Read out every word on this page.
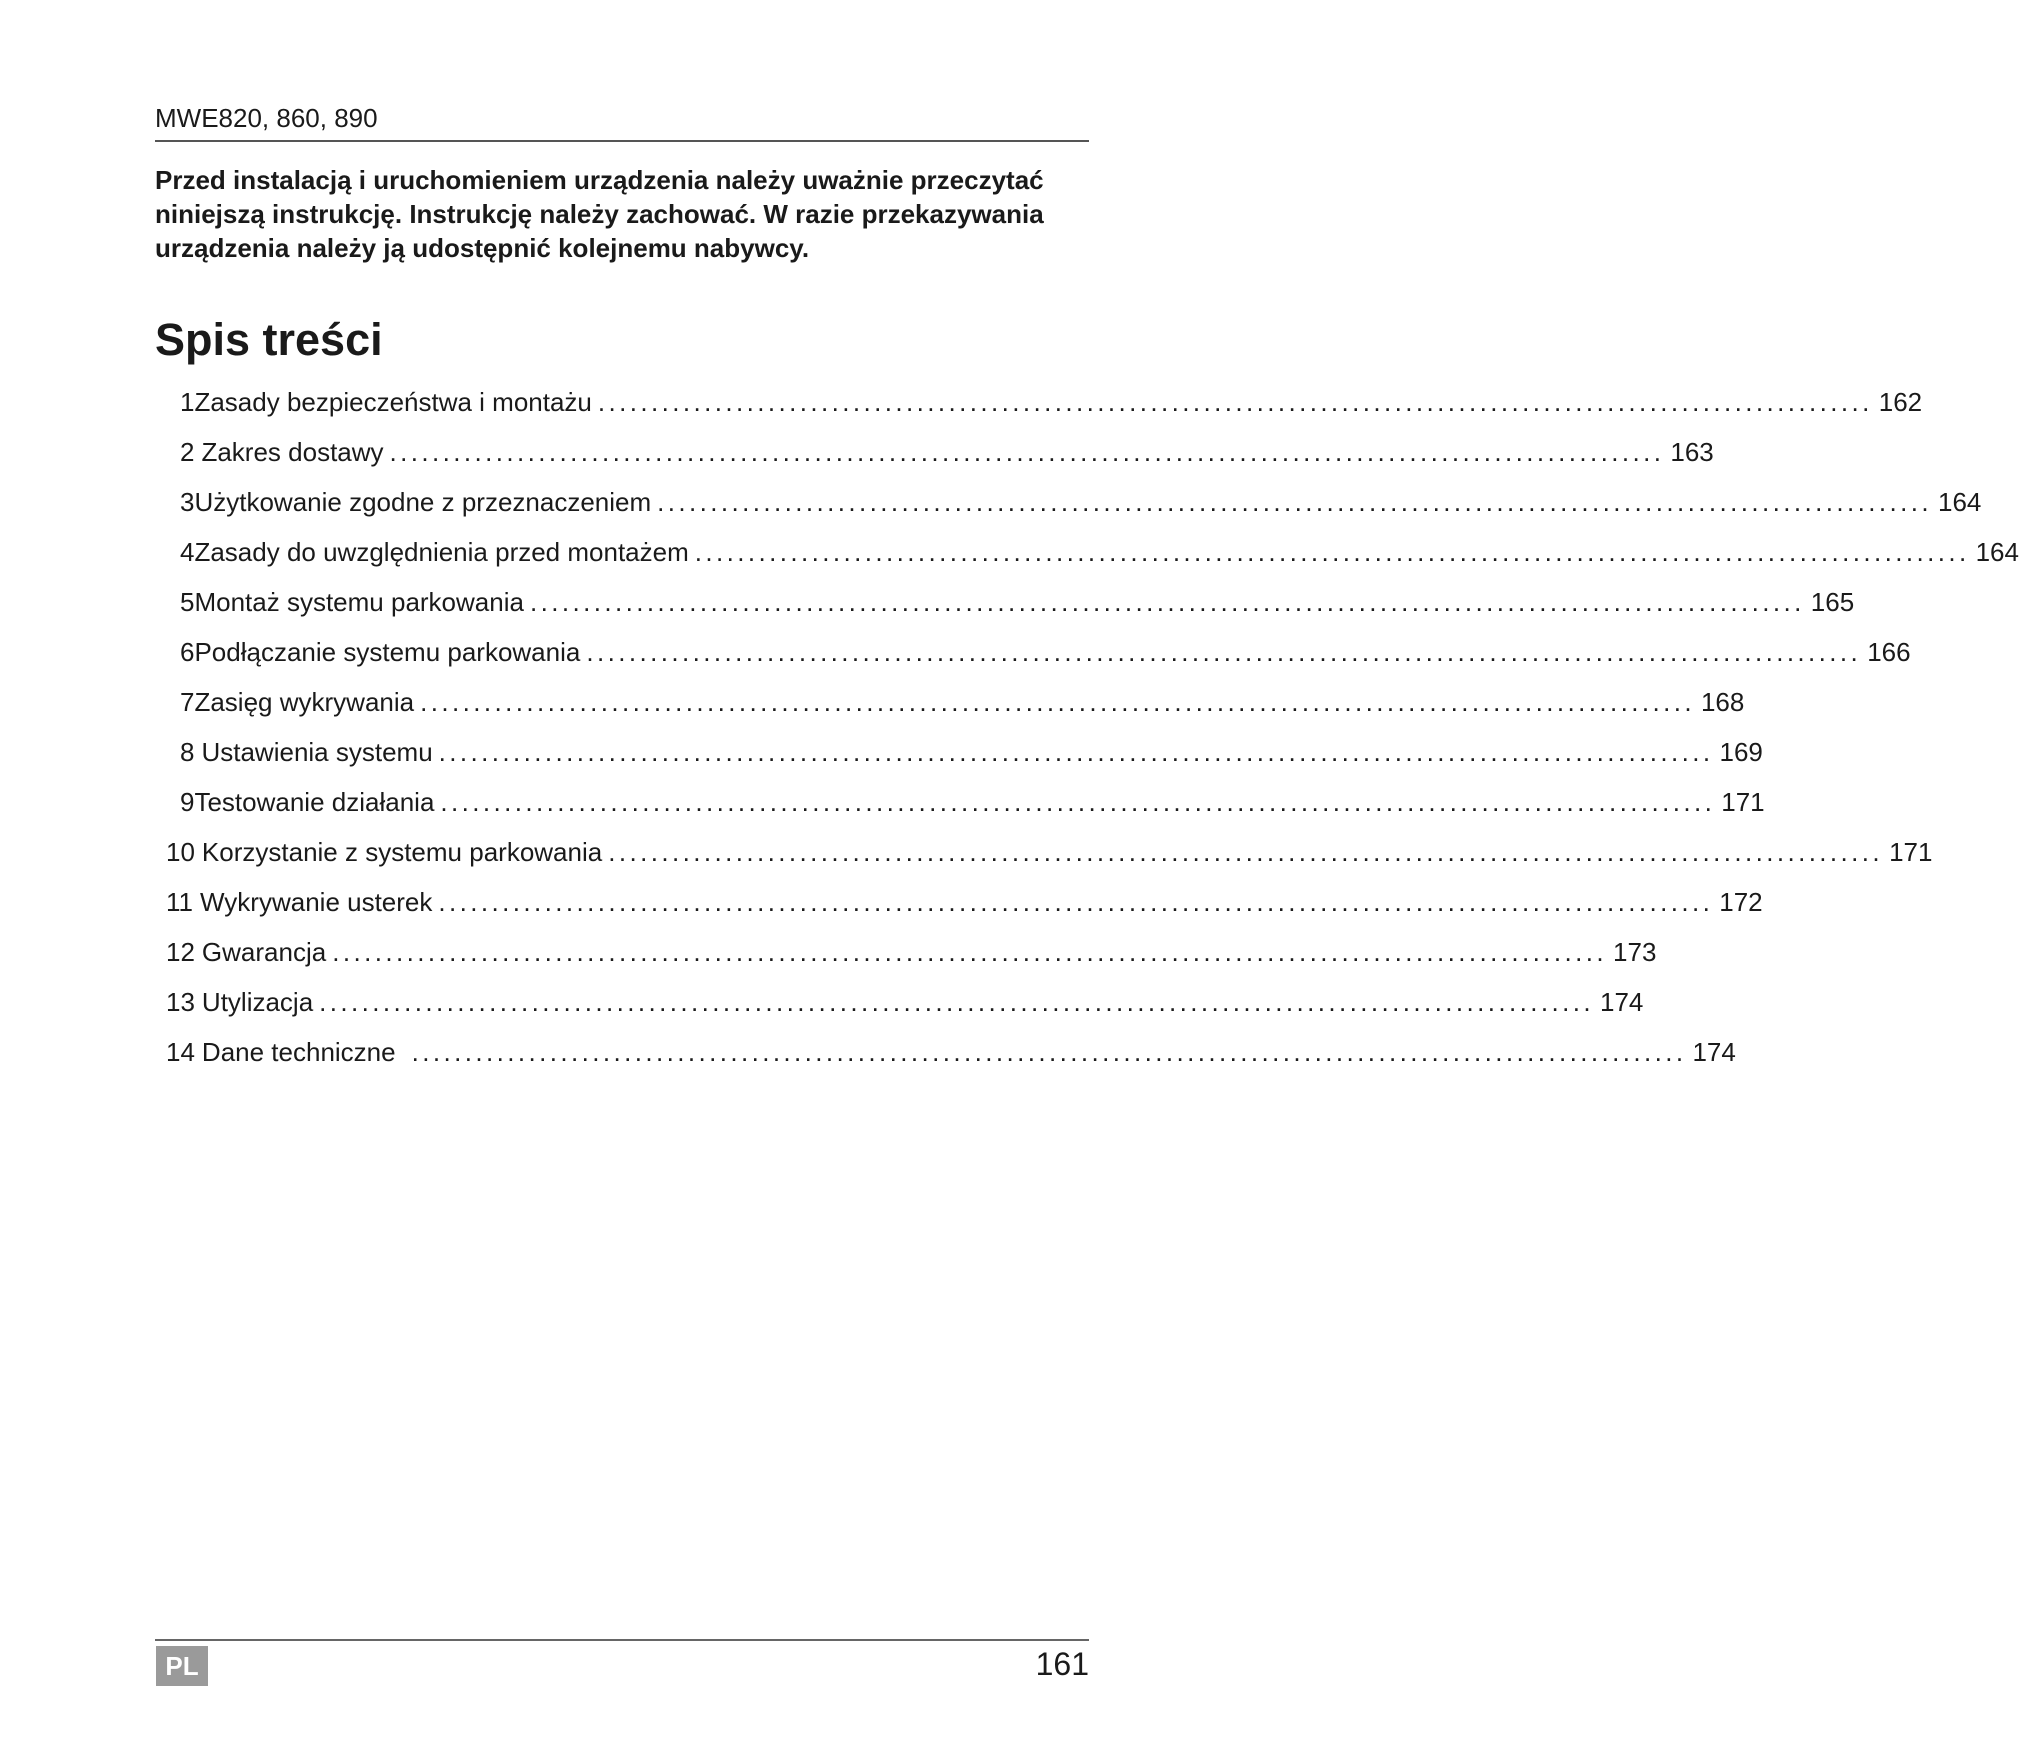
MWE820, 860, 890
Przed instalacją i uruchomieniem urządzenia należy uważnie przeczytać niniejszą instrukcję. Instrukcję należy zachować. W razie przekazywania urządzenia należy ją udostępnić kolejnemu nabywcy.
Spis treści
1 Zasady bezpieczeństwa i montażu ........................................................................................................................ 162
2 Zakres dostawy ........................................................................................................................ 163
3 Użytkowanie zgodne z przeznaczeniem ........................................................................................................................ 164
4 Zasady do uwzględnienia przed montażem ........................................................................................................................ 164
5 Montaż systemu parkowania ........................................................................................................................ 165
6 Podłączanie systemu parkowania ........................................................................................................................ 166
7 Zasięg wykrywania ........................................................................................................................ 168
8 Ustawienia systemu ........................................................................................................................ 169
9 Testowanie działania ........................................................................................................................ 171
10 Korzystanie z systemu parkowania ........................................................................................................................ 171
11 Wykrywanie usterek ........................................................................................................................ 172
12 Gwarancja ........................................................................................................................ 173
13 Utylizacja ........................................................................................................................ 174
14 Dane techniczne ........................................................................................................................ 174
PL	161
